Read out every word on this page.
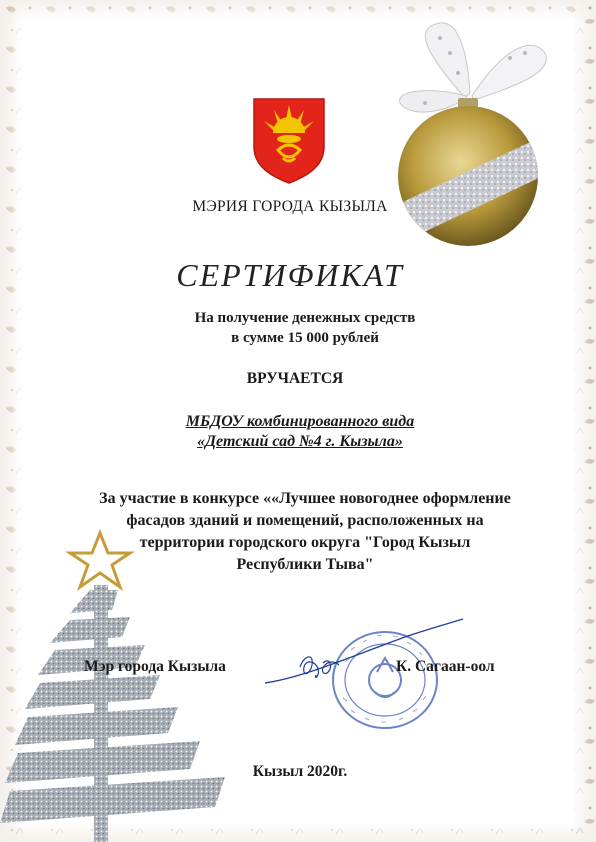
МЭРИЯ ГОРОДА КЫЗЫЛА
СЕРТИФИКАТ
На получение денежных средств
в сумме 15 000 рублей
ВРУЧАЕТСЯ
МБДОУ комбинированного вида
«Детский сад №4 г. Кызыла»
За участие в конкурсе ««Лучшее новогоднее оформление
фасадов зданий и помещений, расположенных на
территории городского округа "Город Кызыл
Республики Тыва"
Мэр города Кызыла	К. Сагаан-оол
Кызыл 2020г.
